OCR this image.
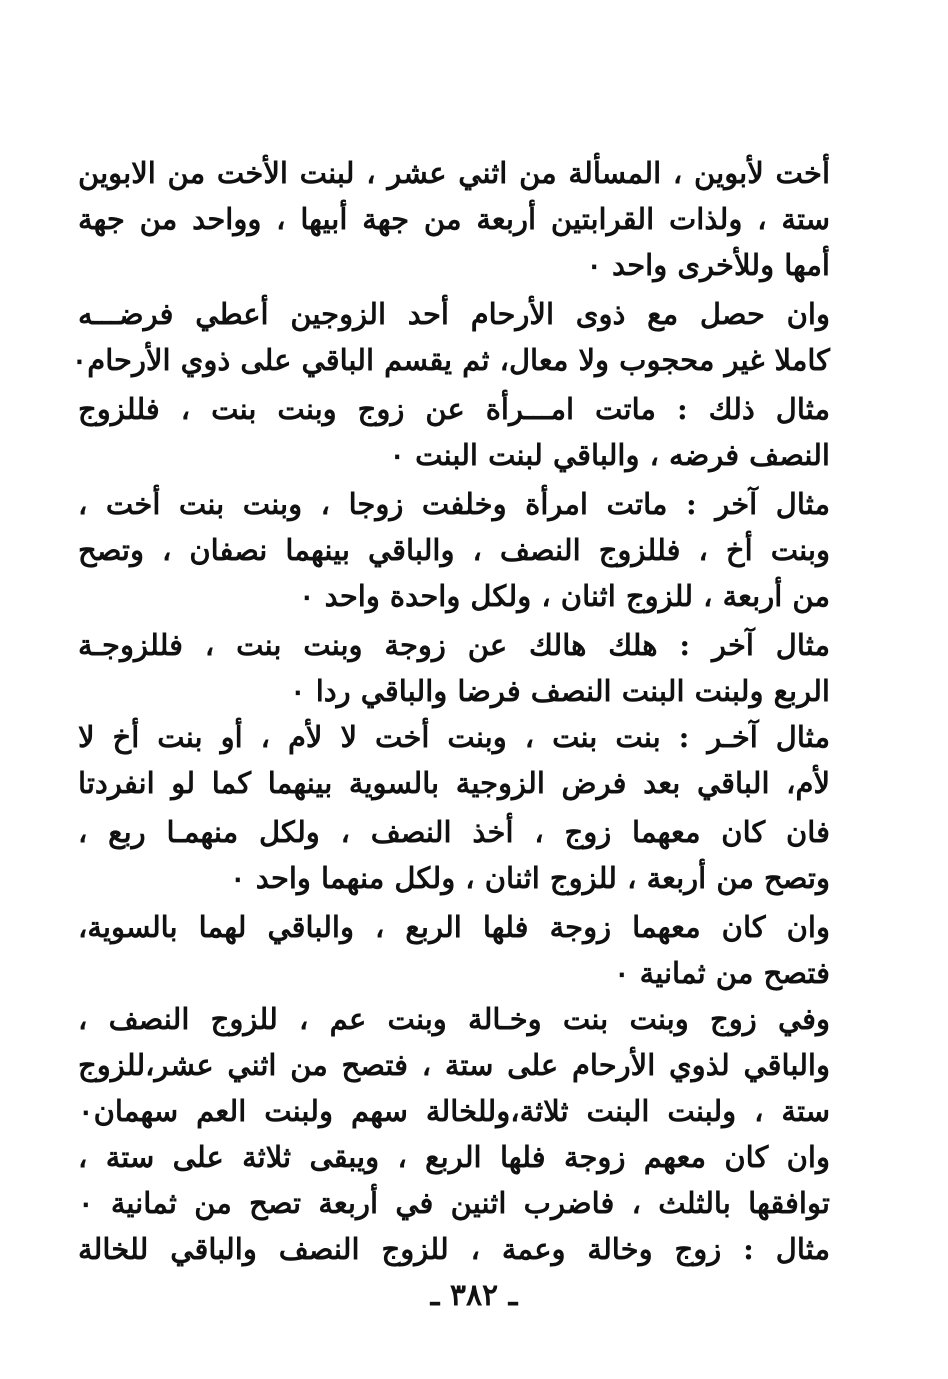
أخت لأبوين ، المسألة من اثني عشر ، لبنت الأخت من الابوين
ستة ، ولذات القرابتين أربعة من جهة أبيها ، وواحد من جهة
أمها وللأخرى واحد ٠
وان حصل مع ذوى الأرحام أحد الزوجين أعطي فرضـــه
كاملا غير محجوب ولا معال، ثم يقسم الباقي على ذوي الأرحام٠
مثال ذلك : ماتت امـــرأة عن زوج وبنت بنت ، فللزوج
النصف فرضه ، والباقي لبنت البنت ٠
مثال آخر : ماتت امرأة وخلفت زوجا ، وبنت بنت أخت ،
وبنت أخ ، فللزوج النصف ، والباقي بينهما نصفان ، وتصح
من أربعة ، للزوج اثنان ، ولكل واحدة واحد ٠
مثال آخر : هلك هالك عن زوجة وبنت بنت ، فللزوجـة
الربع ولبنت البنت النصف فرضا والباقي ردا ٠
مثال آخـر : بنت بنت ، وبنت أخت لا لأم ، أو بنت أخ لا
لأم، الباقي بعد فرض الزوجية بالسوية بينهما كما لو انفردتا
فان كان معهما زوج ، أخذ النصف ، ولكل منهمـا ربع ،
وتصح من أربعة ، للزوج اثنان ، ولكل منهما واحد ٠
وان كان معهما زوجة فلها الربع ، والباقي لهما بالسوية،
فتصح من ثمانية ٠
وفي زوج وبنت بنت وخـالة وبنت عم ، للزوج النصف ،
والباقي لذوي الأرحام على ستة ، فتصح من اثني عشر،للزوج
ستة ، ولبنت البنت ثلاثة،وللخالة سهم ولبنت العم سهمان٠
وان كان معهم زوجة فلها الربع ، ويبقى ثلاثة على ستة ،
توافقها بالثلث ، فاضرب اثنين في أربعة تصح من ثمانية ٠
مثال : زوج وخالة وعمة ، للزوج النصف والباقي للخالة
ـ ٣٨٢ ـ
